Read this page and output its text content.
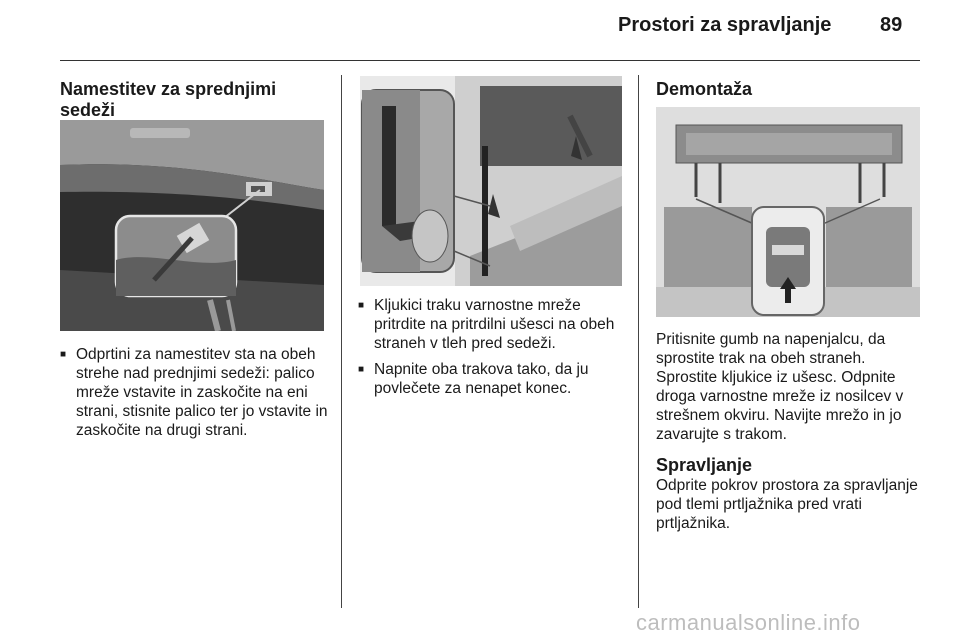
Prostori za spravljanje 89
Namestitev za sprednjimi
sedeži
■ Odprtini za namestitev sta na obeh strehe nad prednjimi sedeži: palico mreže vstavite in zaskočite na eni strani, stisnite palico ter jo vstavite in zaskočite na drugi strani.
■ Kljukici traku varnostne mreže pritrdite na pritrdilni ušesci na obeh straneh v tleh pred sedeži.
■ Napnite oba trakova tako, da ju povlečete za nenapet konec.
Demontaža
Pritisnite gumb na napenjalcu, da sprostite trak na obeh straneh. Sprostite kljukice iz ušesc. Odpnite droga varnostne mreže iz nosilcev v strešnem okviru. Navijte mrežo in jo zavarujte s trakom.
Spravljanje
Odprite pokrov prostora za spravljanje pod tlemi prtljažnika pred vrati prtljažnika.
carmanualsonline.info
